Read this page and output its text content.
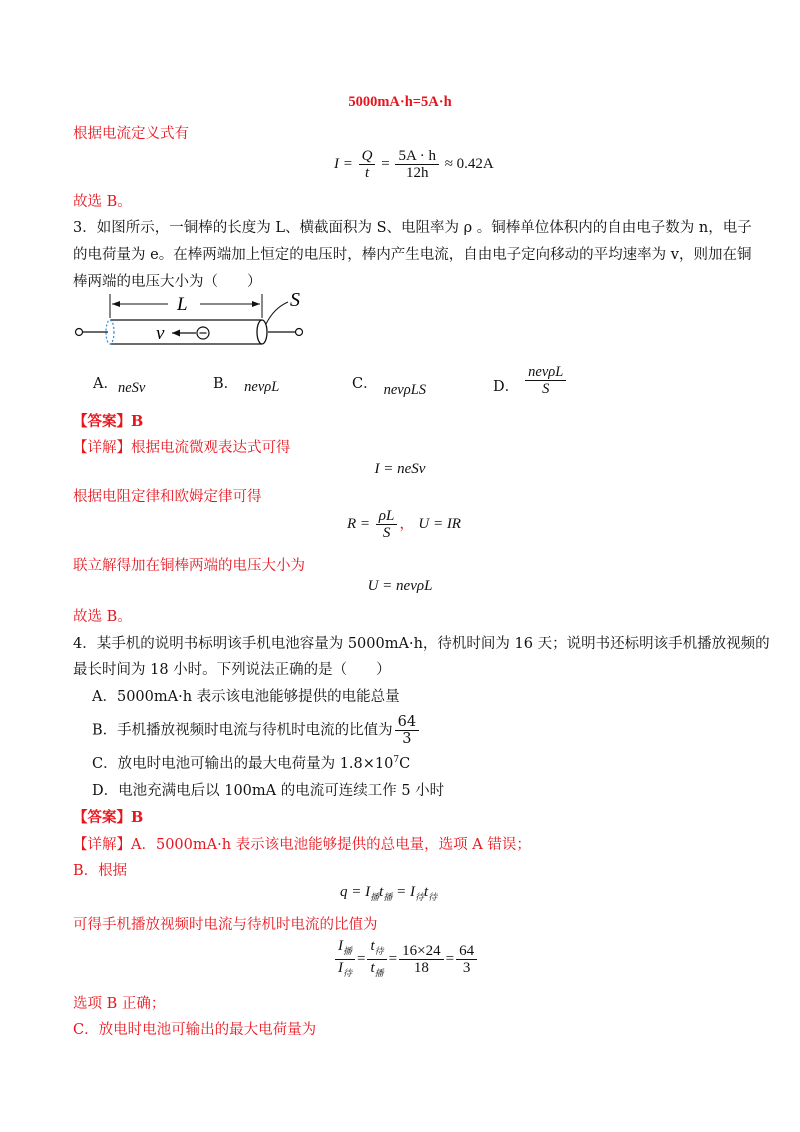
5000mA·h=5A·h
根据电流定义式有
$I = \frac{Q}{t} = \frac{5A \cdot h}{12h} \approx 0.42A$
故选 B。
3．如图所示，一铜棒的长度为 L、横截面积为 S、电阻率为 ρ 。铜棒单位体积内的自由电子数为 n，电子
的电荷量为 e。在棒两端加上恒定的电压时，棒内产生电流，自由电子定向移动的平均速率为 v，则加在铜
棒两端的电压大小为（　　）
L	S
v
A． neSv	B． nevρL	C． nevρLS	D． $\frac{\text{nevρL}}{S}$
【答案】B
【详解】根据电流微观表达式可得
I = neSv
根据电阻定律和欧姆定律可得
$R = \frac{\rho L}{S}$ ， U = IR
联立解得加在铜棒两端的电压大小为
U = nevρL
故选 B。
4．某手机的说明书标明该手机电池容量为 5000mA·h，待机时间为 16 天；说明书还标明该手机播放视频的
最长时间为 18 小时。下列说法正确的是（　　）
A．5000mA·h 表示该电池能够提供的电能总量
B．手机播放视频时电流与待机时电流的比值为 $\frac{64}{3}$
C．放电时电池可输出的最大电荷量为 $1.8\times 10^7C$
D．电池充满电后以 100mA 的电流可连续工作 5 小时
【答案】B
【详解】A．5000mA·h 表示该电池能够提供的总电量，选项 A 错误；
B．根据
$q = I_播t_播 = I_待t_待$
可得手机播放视频时电流与待机时电流的比值为
$\frac{I_播}{I_待} = \frac{t_待}{t_播} = \frac{16\times 24}{18} = \frac{64}{3}$
选项 B 正确；
C．放电时电池可输出的最大电荷量为
